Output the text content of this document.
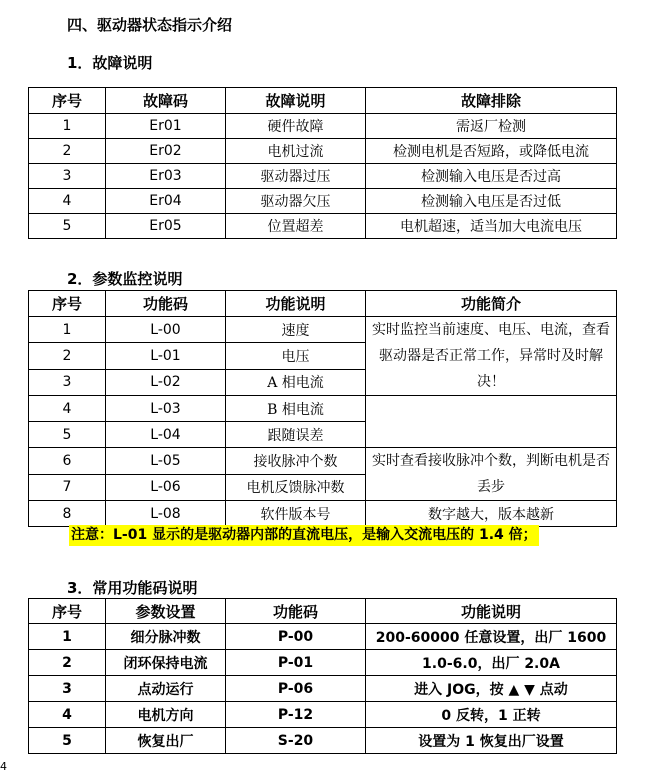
四、驱动器状态指示介绍
1．故障说明
序号	故障码	故障说明	故障排除
1	Er01	硬件故障	需返厂检测
2	Er02	电机过流	检测电机是否短路，或降低电流
3	Er03	驱动器过压	检测输入电压是否过高
4	Er04	驱动器欠压	检测输入电压是否过低
5	Er05	位置超差	电机超速，适当加大电流电压
2．参数监控说明
序号	功能码	功能说明	功能简介
1	L-00	速度	实时监控当前速度、电压、电流，查看驱动器是否正常工作，异常时及时解决！
2	L-01	电压	
3	L-02	A 相电流	
4	L-03	B 相电流	
5	L-04	跟随误差	
6	L-05	接收脉冲个数	实时查看接收脉冲个数，判断电机是否丢步
7	L-06	电机反馈脉冲数	
8	L-08	软件版本号	数字越大，版本越新
注意：L-01 显示的是驱动器内部的直流电压，是输入交流电压的 1.4 倍；
3．常用功能码说明
序号	参数设置	功能码	功能说明
1	细分脉冲数	P-00	200-60000 任意设置，出厂 1600
2	闭环保持电流	P-01	1.0-6.0，出厂 2.0A
3	点动运行	P-06	进入 JOG，按 ▲ ▼ 点动
4	电机方向	P-12	0 反转，1 正转
5	恢复出厂	S-20	设置为 1 恢复出厂设置
4
